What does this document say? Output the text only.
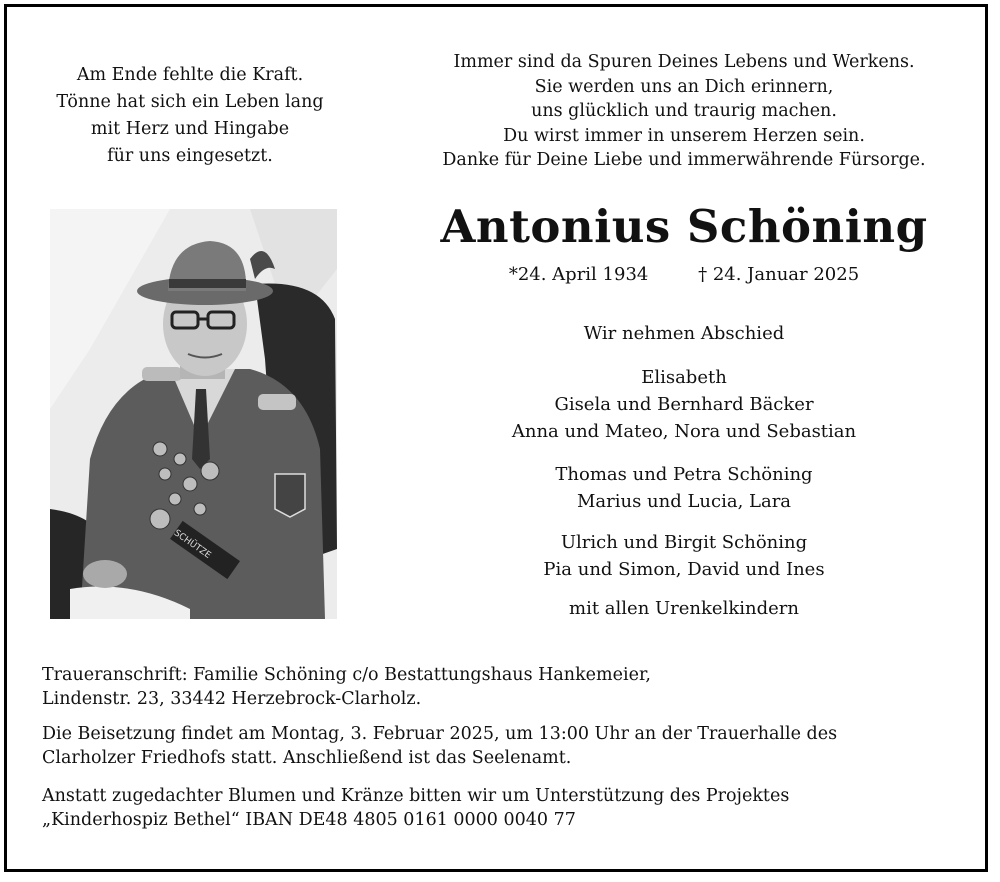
Am Ende fehlte die Kraft.
Tönne hat sich ein Leben lang
mit Herz und Hingabe
für uns eingesetzt.
Immer sind da Spuren Deines Lebens und Werkens.
Sie werden uns an Dich erinnern,
uns glücklich und traurig machen.
Du wirst immer in unserem Herzen sein.
Danke für Deine Liebe und immerwährende Fürsorge.
SCHÜTZE
Antonius Schöning
*24. April 1934	† 24. Januar 2025
Wir nehmen Abschied
Elisabeth
Gisela und Bernhard Bäcker
Anna und Mateo, Nora und Sebastian
Thomas und Petra Schöning
Marius und Lucia, Lara
Ulrich und Birgit Schöning
Pia und Simon, David und Ines
mit allen Urenkelkindern
Traueranschrift: Familie Schöning c/o Bestattungshaus Hankemeier,
Lindenstr. 23, 33442 Herzebrock-Clarholz.
Die Beisetzung findet am Montag, 3. Februar 2025, um 13:00 Uhr an der Trauerhalle des
Clarholzer Friedhofs statt. Anschließend ist das Seelenamt.
Anstatt zugedachter Blumen und Kränze bitten wir um Unterstützung des Projektes
„Kinderhospiz Bethel“ IBAN DE48 4805 0161 0000 0040 77
